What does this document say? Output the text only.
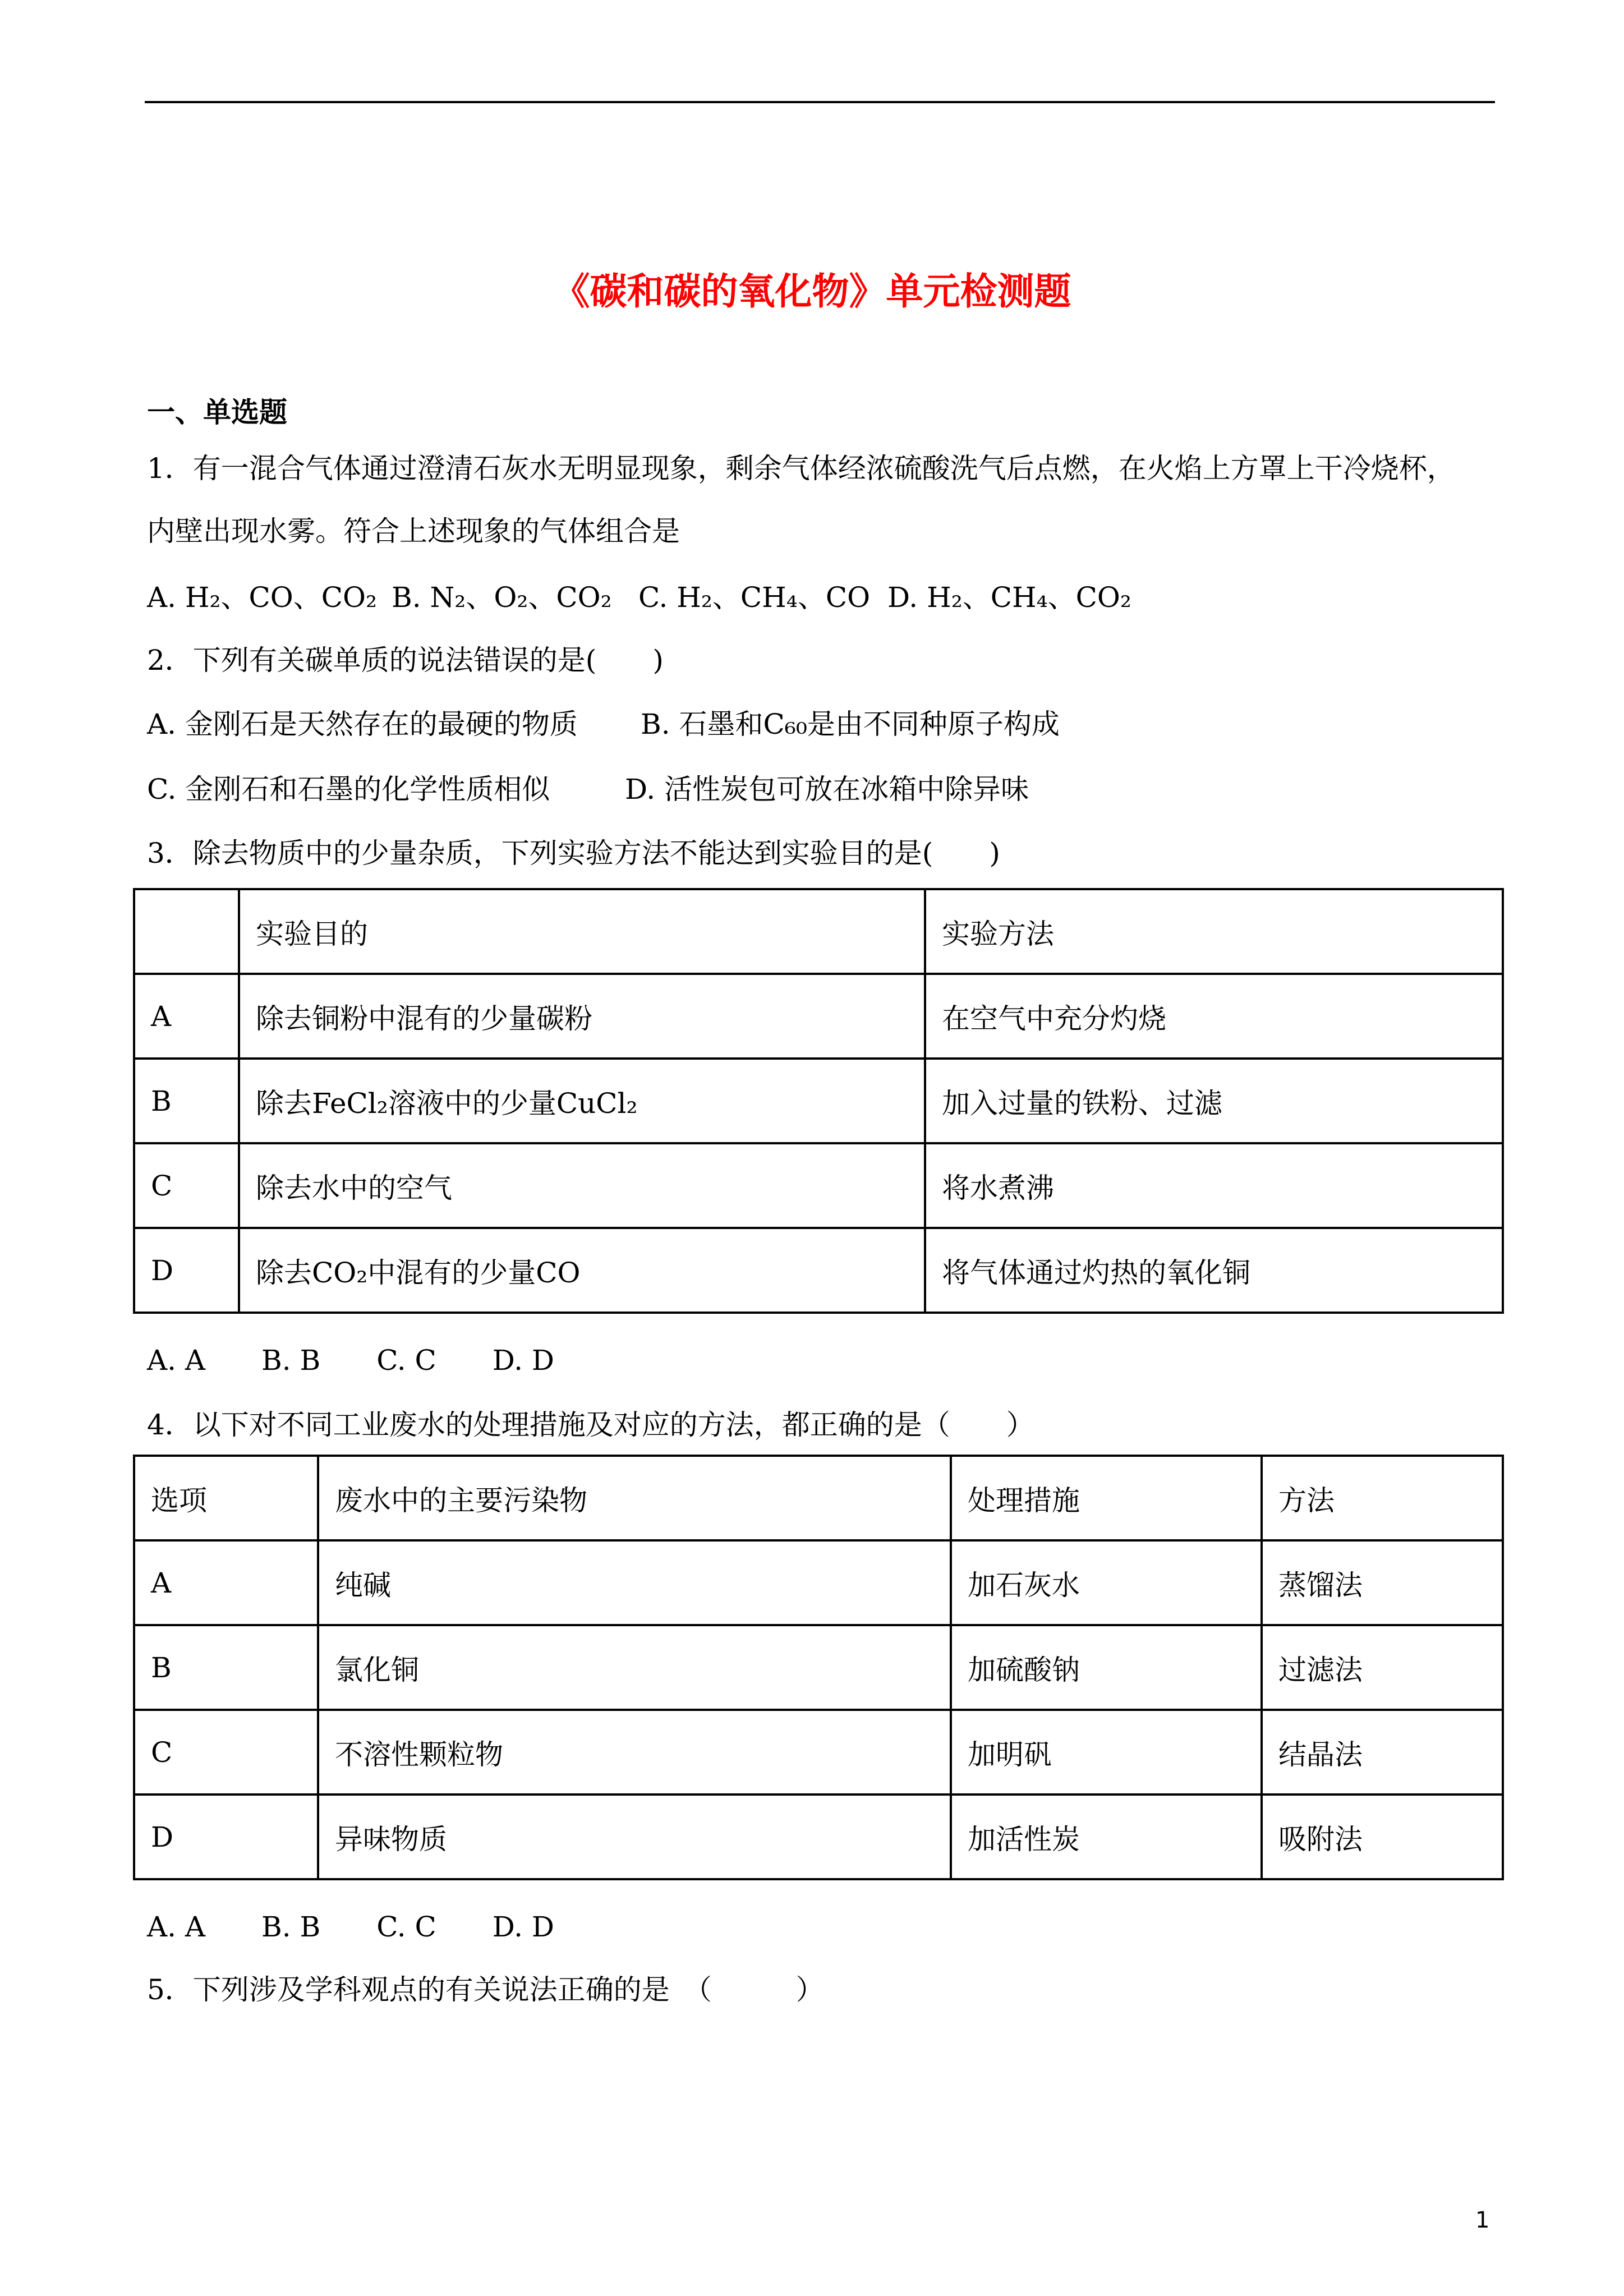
《碳和碳的氧化物》单元检测题
一、单选题
1．有一混合气体通过澄清石灰水无明显现象，剩余气体经浓硫酸洗气后点燃，在火焰上方罩上干冷烧杯，
内壁出现水雾。符合上述现象的气体组合是
A. H₂、CO、CO₂ B. N₂、O₂、CO₂ C. H₂、CH₄、CO D. H₂、CH₄、CO₂
2．下列有关碳单质的说法错误的是(　　)
A. 金刚石是天然存在的最硬的物质 B. 石墨和C₆₀是由不同种原子构成
C. 金刚石和石墨的化学性质相似	D. 活性炭包可放在冰箱中除异味
3．除去物质中的少量杂质，下列实验方法不能达到实验目的是(　　)
	实验目的	实验方法
A	除去铜粉中混有的少量碳粉	在空气中充分灼烧
B	除去FeCl₂溶液中的少量CuCl₂	加入过量的铁粉、过滤
C	除去水中的空气	将水煮沸
D	除去CO₂中混有的少量CO	将气体通过灼热的氧化铜
A. A　　B. B　　C. C　　D. D
4．以下对不同工业废水的处理措施及对应的方法，都正确的是（　　）
选项	废水中的主要污染物	处理措施	方法
A	纯碱	加石灰水	蒸馏法
B	氯化铜	加硫酸钠	过滤法
C	不溶性颗粒物	加明矾	结晶法
D	异味物质	加活性炭	吸附法
A. A　　B. B　　C. C　　D. D
5．下列涉及学科观点的有关说法正确的是　（　　　）
1
